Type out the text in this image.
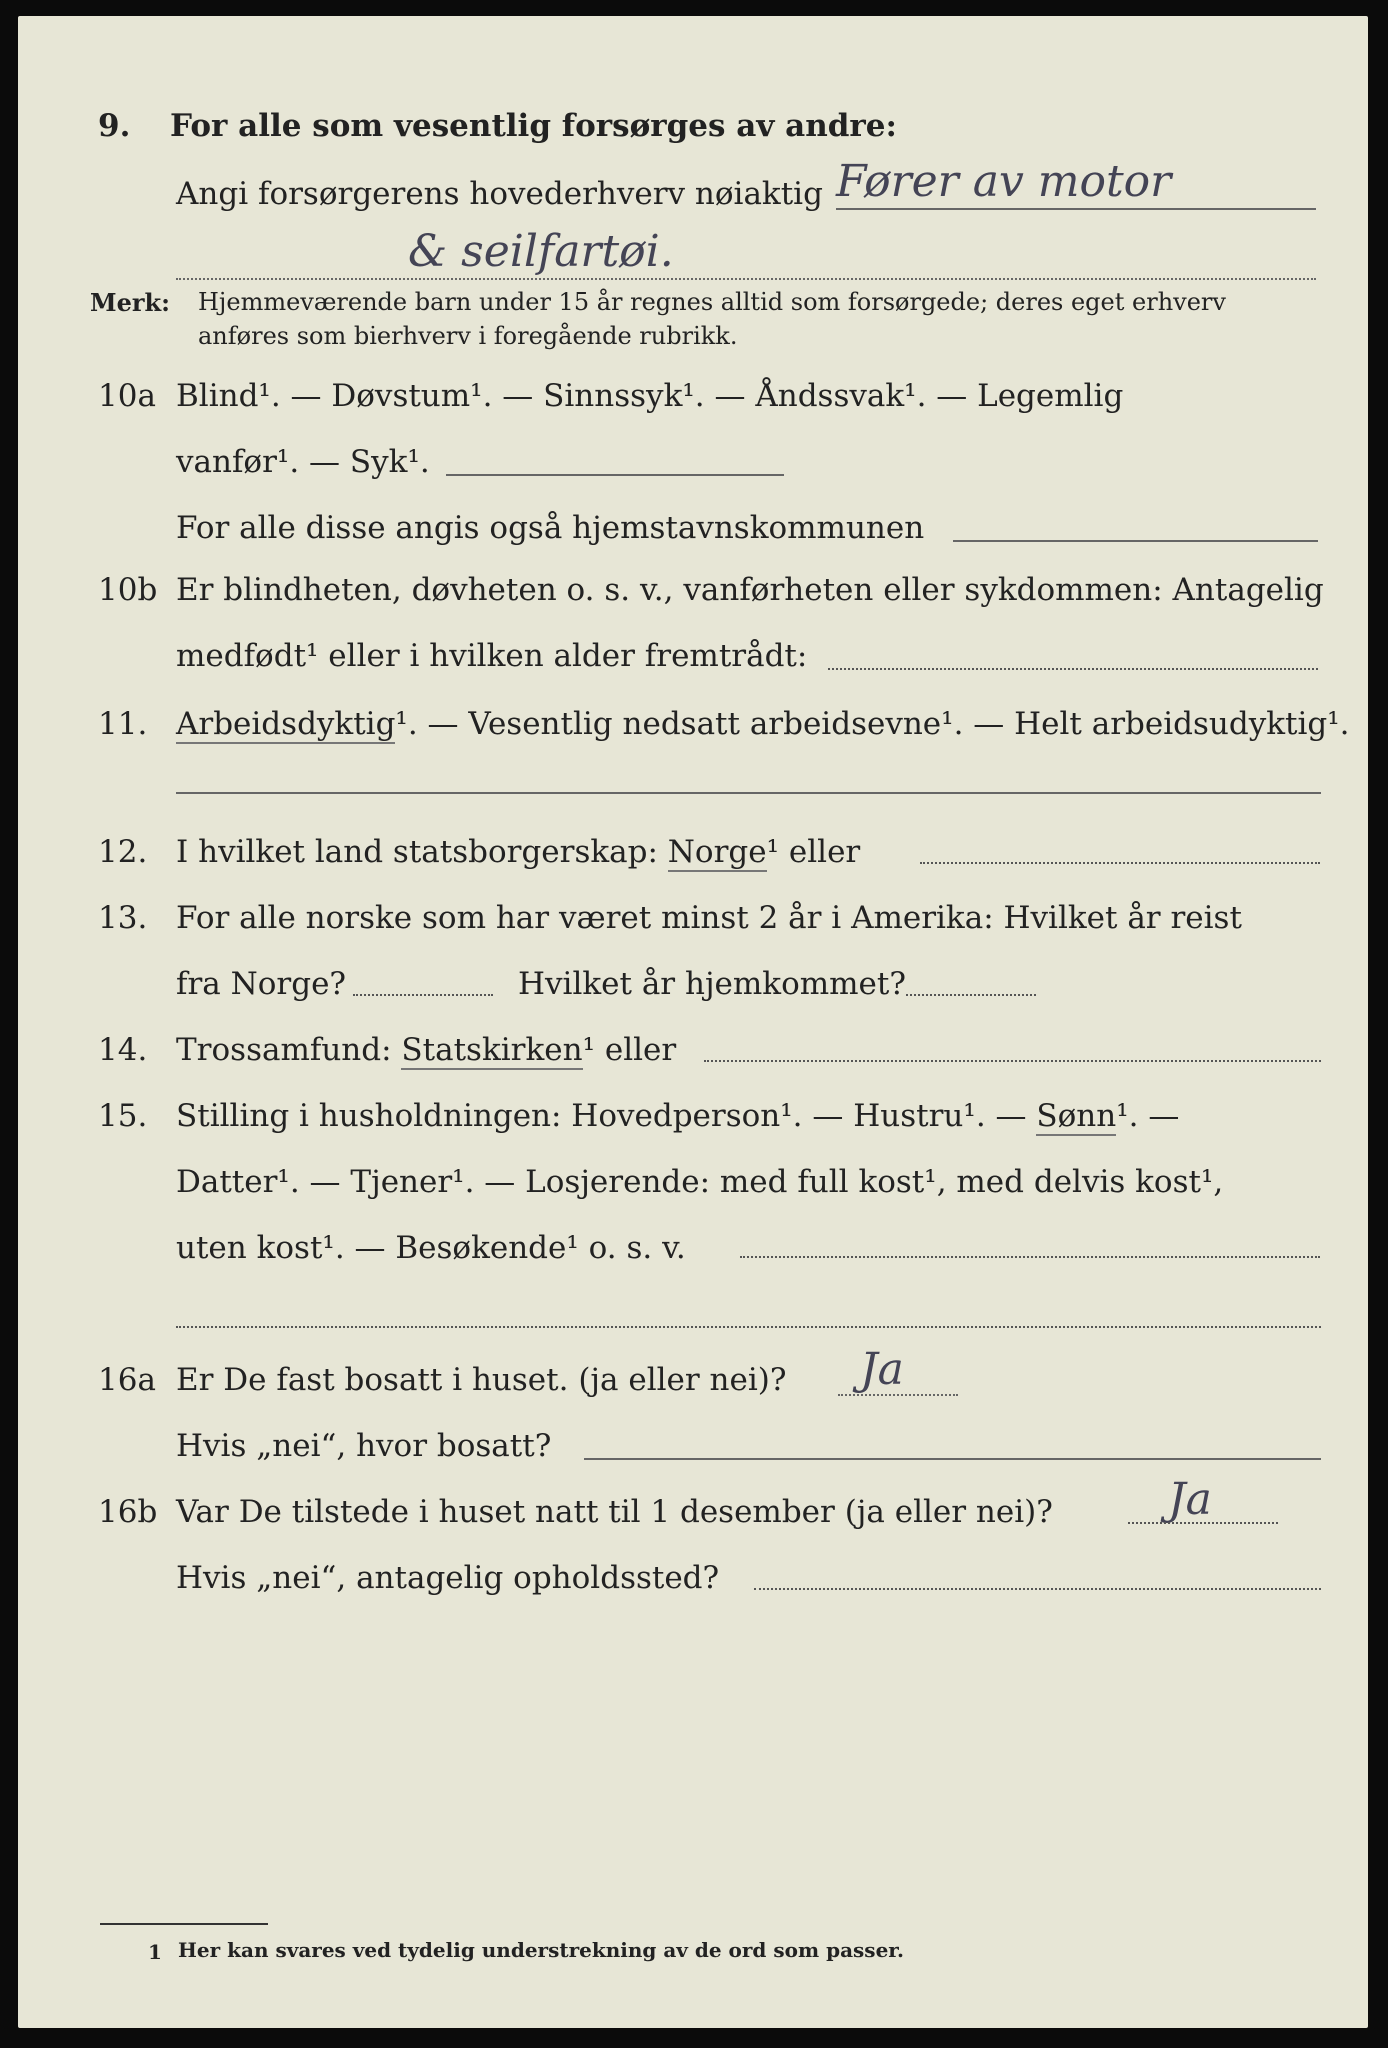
9. For alle som vesentlig forsørges av andre:
Angi forsørgerens hovederhverv nøiaktig Fører av motor
& seilfartøi.
Merk: Hjemmeværende barn under 15 år regnes alltid som forsørgede; deres eget erhverv
anføres som bierhverv i foregående rubrikk.
10a Blind¹. — Døvstum¹. — Sinnssyk¹. — Åndssvak¹. — Legemlig
vanfør¹. — Syk¹.
For alle disse angis også hjemstavnskommunen
10b Er blindheten, døvheten o. s. v., vanførheten eller sykdommen: Antagelig
medfødt¹ eller i hvilken alder fremtrådt:
11. Arbeidsdyktig¹. — Vesentlig nedsatt arbeidsevne¹. — Helt arbeidsudyktig¹.
12. I hvilket land statsborgerskap: Norge¹ eller
13. For alle norske som har været minst 2 år i Amerika: Hvilket år reist
fra Norge?	Hvilket år hjemkommet?
14. Trossamfund: Statskirken¹ eller
15. Stilling i husholdningen: Hovedperson¹. — Hustru¹. — Sønn¹. —
Datter¹. — Tjener¹. — Losjerende: med full kost¹, med delvis kost¹,
uten kost¹. — Besøkende¹ o. s. v.
16a Er De fast bosatt i huset. (ja eller nei)? Ja
Hvis „nei“, hvor bosatt?
16b Var De tilstede i huset natt til 1 desember (ja eller nei)?	Ja
Hvis „nei“, antagelig opholdssted?
1 Her kan svares ved tydelig understrekning av de ord som passer.
